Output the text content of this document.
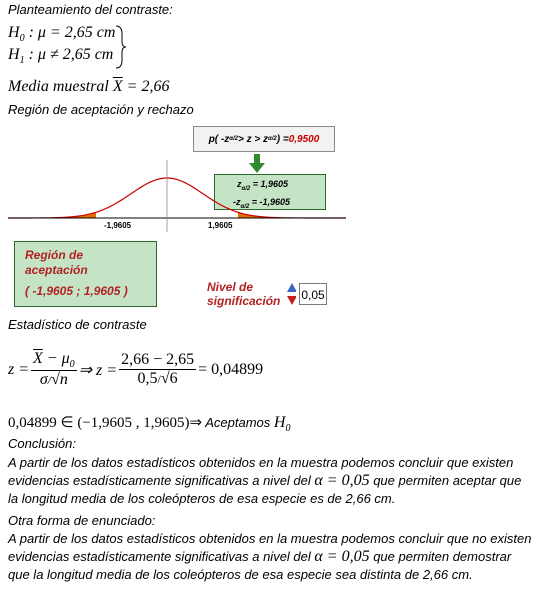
Planteamiento del contraste:
$H_0$ : μ = 2,65 cm
$H_1$ : μ ≠ 2,65 cm
Media muestral $\overline{X} = 2,66$
Región de aceptación y rechazo
p( -z α/2 > z > z α/2 ) = 0,9500
$z_{\alpha/2} = 1,9605$
$-z_{\alpha/2} = -1,9605$
-1,9605	1,9605
Región de
aceptación
( -1,9605 ; 1,9605 )	Nivel de
significación 0,05
Estadístico de contraste
$z = \frac{\overline{X} - \mu_0}{\sigma/√n}$ ⇒ $z = \frac{2,66 - 2,65}{0,5/√6} = 0,04899$
0,04899 ∈ (−1,9605 , 1,9605)⇒ Aceptamos $H_0$
Conclusión:
A partir de los datos estadísticos obtenidos en la muestra podemos concluir que existen evidencias estadísticamente significativas a nivel del α = 0,05 que permiten aceptar que la longitud media de los coleópteros de esa especie es de 2,66 cm.
Otra forma de enunciado:
A partir de los datos estadísticos obtenidos en la muestra podemos concluir que no existen evidencias estadísticamente significativas a nivel del α = 0,05 que permiten demostrar que la longitud media de los coleópteros de esa especie sea distinta de 2,66 cm.
